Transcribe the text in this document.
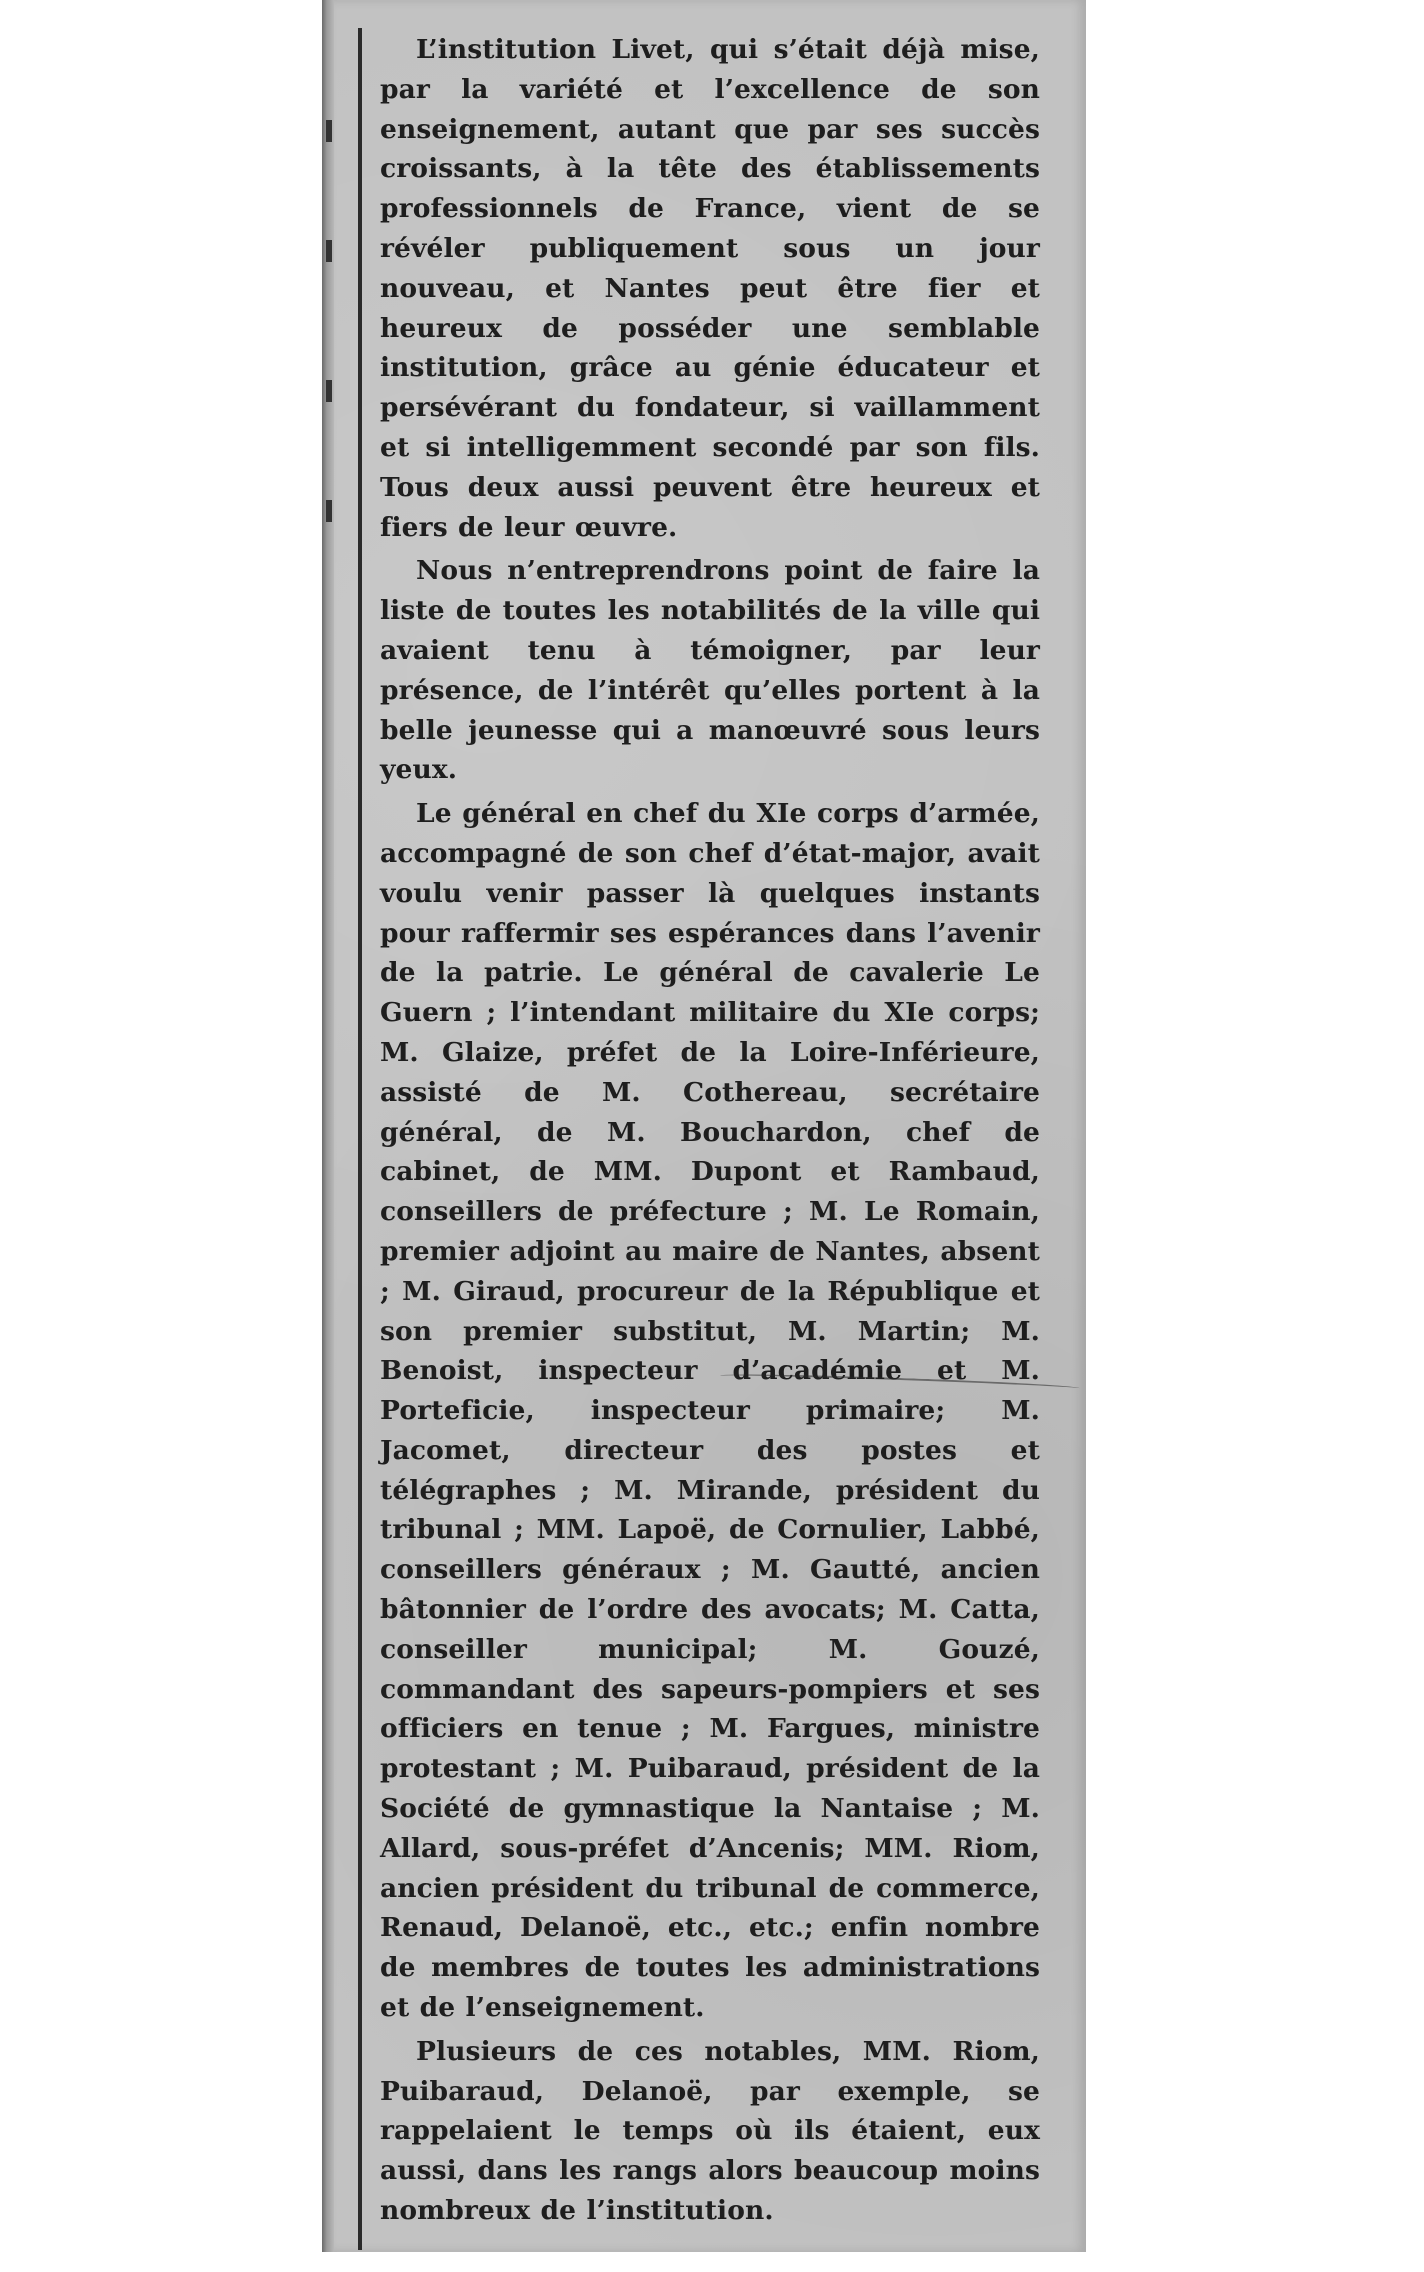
L’institution Livet, qui s’était déjà mise, par la variété et l’excellence de son enseignement, autant que par ses succès croissants, à la tête des établissements professionnels de France, vient de se révéler publiquement sous un jour nouveau, et Nantes peut être fier et heureux de posséder une semblable institution, grâce au génie éducateur et persévérant du fondateur, si vaillamment et si intelligemment secondé par son fils. Tous deux aussi peuvent être heureux et fiers de leur œuvre.

Nous n’entreprendrons point de faire la liste de toutes les notabilités de la ville qui avaient tenu à témoigner, par leur présence, de l’intérêt qu’elles portent à la belle jeunesse qui a manœuvré sous leurs yeux.

Le général en chef du XIe corps d’armée, accompagné de son chef d’état-major, avait voulu venir passer là quelques instants pour raffermir ses espérances dans l’avenir de la patrie. Le général de cavalerie Le Guern ; l’intendant militaire du XIe corps; M. Glaize, préfet de la Loire-Inférieure, assisté de M. Cothereau, secrétaire général, de M. Bouchardon, chef de cabinet, de MM. Dupont et Rambaud, conseillers de préfecture ; M. Le Romain, premier adjoint au maire de Nantes, absent ; M. Giraud, procureur de la République et son premier substitut, M. Martin; M. Benoist, inspecteur d’académie et M. Porteficie, inspecteur primaire; M. Jacomet, directeur des postes et télégraphes ; M. Mirande, président du tribunal ; MM. Lapoë, de Cornulier, Labbé, conseillers généraux ; M. Gautté, ancien bâtonnier de l’ordre des avocats; M. Catta, conseiller municipal; M. Gouzé, commandant des sapeurs-pompiers et ses officiers en tenue ; M. Fargues, ministre protestant ; M. Puibaraud, président de la Société de gymnastique la Nantaise ; M. Allard, sous-préfet d’Ancenis; MM. Riom, ancien président du tribunal de commerce, Renaud, Delanoë, etc., etc.; enfin nombre de membres de toutes les administrations et de l’enseignement.

Plusieurs de ces notables, MM. Riom, Puibaraud, Delanoë, par exemple, se rappelaient le temps où ils étaient, eux aussi, dans les rangs alors beaucoup moins nombreux de l’institution.
